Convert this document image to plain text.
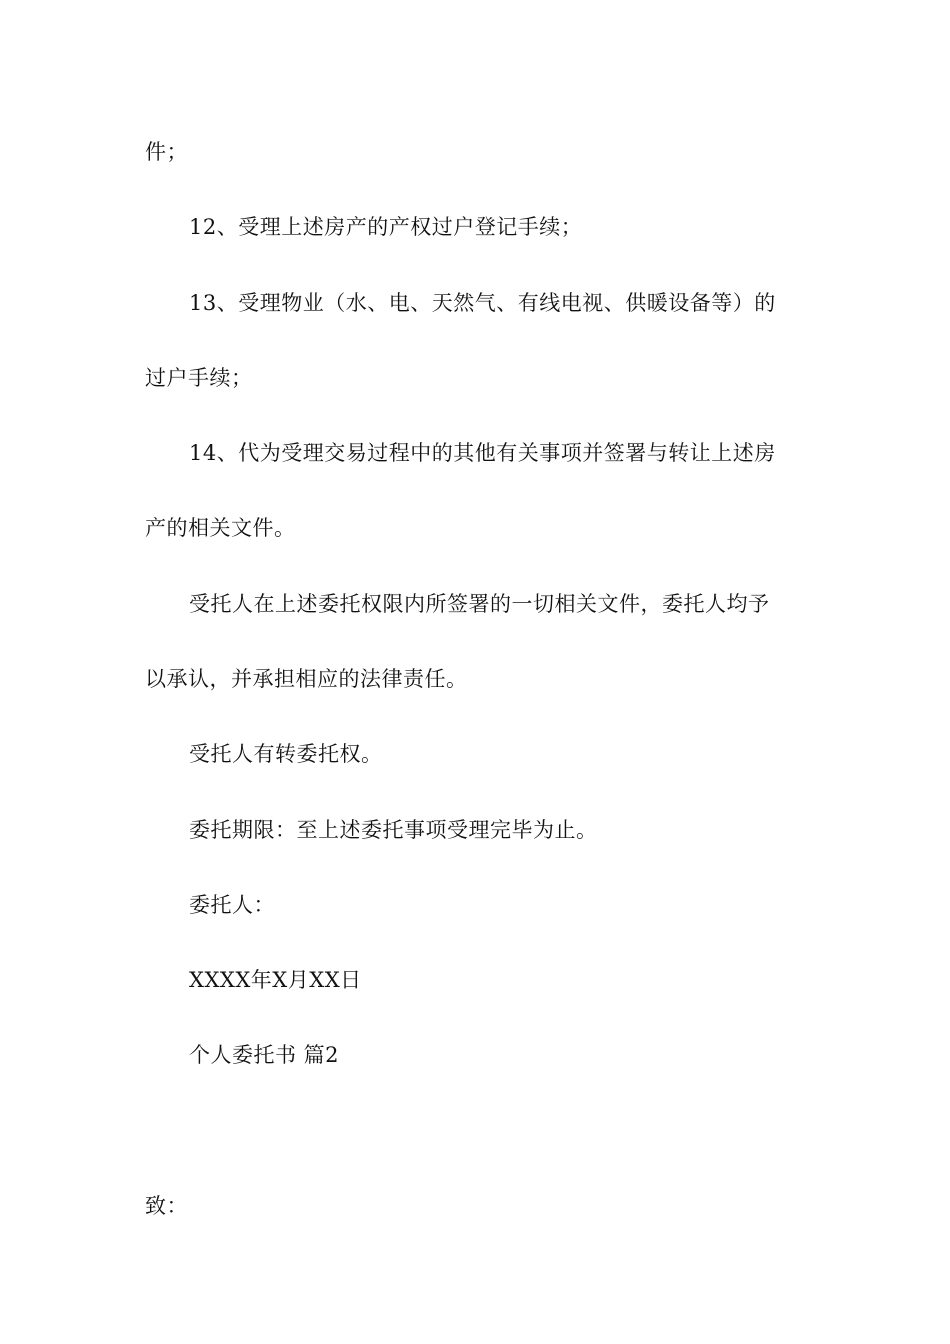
件；
12、受理上述房产的产权过户登记手续；
13、受理物业（水、电、天然气、有线电视、供暖设备等）的
过户手续；
14、代为受理交易过程中的其他有关事项并签署与转让上述房
产的相关文件。
受托人在上述委托权限内所签署的一切相关文件，委托人均予
以承认，并承担相应的法律责任。
受托人有转委托权。
委托期限：至上述委托事项受理完毕为止。
委托人：
XXXX年X月XX日
个人委托书 篇2
致：
